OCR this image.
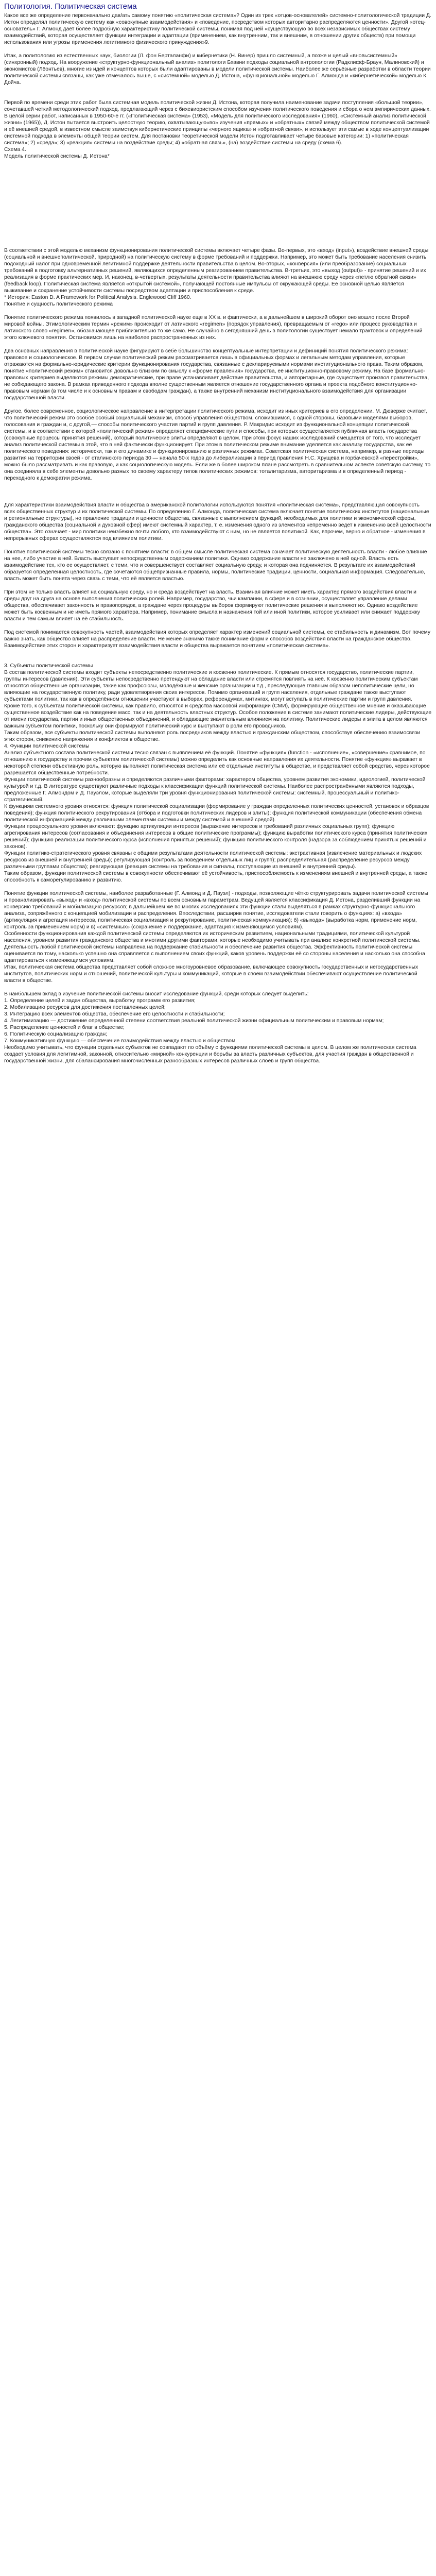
Политология. Политическая система

Какое все же определение первоначально дав/ать самому понятию «политическая система»? Один из трех «отцов-основателей» системно-политологической традиции Д. Истон определял политическую систему как «совокупные взаимодействия» и «поведение, посредством которых авторитарно распределяются ценности». Другой «отец-основатель» Г. Алмонд дает более подробную характеристику политической системы, понимая под ней «существующую во всех независимых обществах систему взаимодействий, которая осуществляет функции интеграции и адаптации (применением, как внутренним, так и внешним, в отношении других обществ) при помощи использования или угрозы применения легитимного физического принуждения»9.

Итак, а политологию из естественных наук, биологии (Л. фон Берталанфи) и кибернетики (Н. Винер) пришло системный, а позже и целый «вновьсистемный» (синхронный) подход. На вооружение «структурно-функциональный анализ» политологи Бхавни подходы социальной антропологии (Радклифф-Браун, Малиновский) и экономистов (Лёонтьев), многие из идей и концептов которых были адаптированы в модели политической системы. Наиболее же серьёзные разработки в области теории политической системы связаны, как уже отмечалось выше, с «системной» моделью Д. Истона, «функциональной» моделью Г. Алмонда и «кибернетической» моделью К. Дойча.

Первой по времени среди этих работ была системная модель политической жизни Д. Истона, которая получила наименование задачи поступления «большой теории», сочетавшей четкий методологический подход, предлагающий через с бихевиористским способом изучения политического поведения и сбора о нем эмпирических данных. В целой серии работ, написанных в 1950-60-е гг. («Политическая система» (1953), «Модель для политического исследования» (1960), «Системный анализ политической жизни» (1965)), Д. Истон пытается выстроить целостную теорию, охватывающую«во» изучения «прямых» и «обратных» связей между обществом политической системой и её внешней средой, в известном смысле заимствуя кибернетические принципы «черного ящика» и «обратной связи», и использует эти самые в ходе концептуализации системной подхода в элементы общей теории систем. Для постановки теоретической модели Истон подготавливает четыре базовые категории: 1) «политическая система»; 2) «среда»; 3) «реакция» системы на воздействие среды; 4) «обратная связь», (на) воздействие системы на среду (схема 6).

Схема 4.

Модель политической системы Д. Истона*

В соответствии с этой моделью механизм функционирования политической системы включает четыре фазы. Во-первых, это «вход» (input»), воздействие внешней среды (социальной и внешнеполитической, природной) на политическую систему в форме требований и поддержки. Например, это может быть требование населения снизить подоходный налог при одновременной легитимной поддержке деятельности правительства в целом. Во-вторых, «конверсия» (или преобразование) социальных требований в подготовку альтернативных решений, являющихся определенным реагированием правительства. В-третьих, это «выход (output)» - принятие решений и их реализация в форме практических мер. И, наконец, в-четвертых, результаты деятельности правительства влияют на внешнюю среду через «петлю обратной связи» (feedback loop). Политическая система является «открытой системой», получающей постоянные импульсы от окружающей среды. Ее основной целью является выживание и сохранение устойчивости системы посредством адаптации и приспособления к среде.

* История: Easton D. A Framework for Political Analysis. Englewood Cliff 1960.

Понятие и сущность политического режима

Понятие политического режима появилось в западной политической науке еще в XX в. и фактически, а в дальнейшем в широкий оборот оно вошло после Второй мировой войны. Этимологическим термин «режим» происходит от латинского «regimen» (порядок управления), превращаемым от «rego» или процесс руководства и латинского слово «regimen», обозначающее приблизительно то же само. Не случайно в сегодняшний день в политологии существует немало трактовок и определений этого ключевого понятия. Остановимся лишь на наиболее распространенных из них.

Два основных направления в политической науке фигурируют в себе большинство концептуальные интерпретации и дефиниций понятия политического режима: правовое и социологическое. В первом случае политический режим рассматривается лишь в официальных формах и легальным методам управления, которые отражаются на формально-юридические критерии функционирования государства, связанные с декларируемыми нормами институционального права. Таким образом, понятие «политический режим» становится довольно близким по смыслу к «форме правления» государства, её институционно-правовому режиму. На базе формально-правовых критериев выделяются режимы демократические, при праве устанавливает действие правительства, и авторитарные, где существует произвол правительства, не собюдающего закона. В рамках приведенного подхода вполне существенным является отношение государственного органа и проекта подобного конституционно-правовым нормам (в том числе и к основным правам и свободам граждан), а также внутренний механизм институционального взаимодействия для организации государственной власти.

Другое, более современное, социологическое направление в интерпретации политического режима, исходит из иных критериев в его определении. М. Дюверже считает, что политический режим это особое особый социальный механизм, способ управления обществом, сложившимся, с одной стороны, базовыми моделями выборов, голосования и граждан и, с другой,— способы политического участия партий и групп давления. Р. Макридис исходит из функциональной концепции политической системы, и в соответствии с которой «политический режим» определяет специфические пути и способы, при которых осуществляется публичная власть государства (совокупные процессы принятия решений), который политические элиты определяют в целом. При этом фокус наших исследований смещается от того, что исследует анализ политической системы в этой, что в ней фактически функционирует. При этом в политическом режиме внимание уделяется как анализу государства, как её политического поведения: исторически, так и его динамике и функционированию в различных режимах. Советская политическая система, например, в разные периоды развития на территории своей - от сталинского периода 30 — начала 50-х годов до либерализации в период правления Н.С. Хрущева и горбачевской «перестройки», можно было рассматривать и как правовую, и как социологическую модель. Если же в более широком плане рассмотреть в сравнительном аспекте советскую систему, то она соединяла в себе элементы довольно разных по своему характеру типов политических режимов: тоталитаризма, авторитаризма и в определенный период - переходного к демократии режима.

Для характеристики взаимодействия власти и общества в американской политологии используются понятия «политическая система», представляющая совокупность всех общественных структур и их политической системы. По определению Г. Алмонда, политическая система включает понятие политических институтов (национальные и региональные структуры), но правление традиции и ценности общества, связанные с выполнением функций, необходимых для политики и экономической сферы, гражданского общества (социальной и духовной сфер) имеют системный характер, т. е. изменения одного из элементов непременно ведет к изменению всей целостности общества». Это означает - мир политики неизбежно почти любого, кто взаимодействуют с ним, но не является политикой. Как, впрочем, верно и обратное - изменения в непрерывных сферах осуществляются под влиянием политики.

Понятие политической системы тесно связано с понятием власти: в общем смысле политическая система означает политическую деятельность власти - любое влияние на нее, либо участие в ней. Власть выступает непосредственным содержанием политики. Однако содержание власти не заключено в ней одной. Власть есть взаимодействие тех, кто ее осуществляет, с теми, что и совершенствует составляет социальную среду, и которая она подчиняется. В результате их взаимодействий образуется определенная целостность, где сочетаются общепризнанные правила, нормы, политические традиции, ценности, социальная информация. Следовательно, власть может быть понята через связь с теми, что её является властью.

При этом не только власть влияет на социальную среду, но и среда воздействует на власть. Взаимная влияние может иметь характер прямого воздействия власти и среды друг на друга на основе выполнения политических ролей. Например, государство, чьи кампании, в сфере и в сознании, осуществляет управление делами общества, обеспечивает законность и правопорядок, а граждане через процедуры выборов формируют политические решения и выполняют их. Однако воздействие может быть косвенным и не иметь прямого характера. Например, понимание смысла и назначения той или иной политики, которое усиливает или снижает поддержку власти и тем самым влияет на её стабильность.

Под системой понимается совокупность частей, взаимодействия которых определяет характер изменений социальной системы, ее стабильность и динамизм. Вот почему важно знать, как общество влияет на распределение власти. Не менее значимо также понимание форм и способов воздействия власти на гражданское общество. Взаимодействие этих сторон и характеризует взаимодействия власти и общества выражается понятием «политическая система».

3. Субъекты политической системы

В состав политической системы входит субъекты непосредственно политические и косвенно политические. К прямым относятся государство, политические партии, группы интересов (давления). Эти субъекты непосредственно претендуют на обладание власти или стремятся повлиять на неё. К косвенно политическим субъектам относятся общественные организации, такие как профсоюзы, молодёжные и женские организации и т.д., преследующие главным образом неполитические цели, но влияющие на государственную политику, ради удовлетворения своих интересов. Помимо организаций и групп населения, отдельные граждане также выступают субъектами политики, так как в определённом отношении участвуют в выборах, референдумах, митингах, могут вступать в политические партии и групп давления.

Кроме того, к субъектам политической системы, как правило, относятся и средства массовой информации (СМИ), формирующие общественное мнение и оказывающие существенное воздействие как на поведение масс, так и на деятельность властных структур. Особое положение в системе занимают политические лидеры, действующие от имени государства, партии и иных общественных объединений, и обладающие значительным влиянием на политику. Политические лидеры и элита в целом являются важным субъектом политики, поскольку они формируют политический курс и выступают в роли его проводников.

Таким образом, все субъекты политической системы выполняют роль посредников между властью и гражданским обществом, способствуя обеспечению взаимосвязи этих сторон, снижению напряжения и конфликтов в обществе.

4. Функции политической системы

Анализ субъектного состава политической системы тесно связан с выявлением её функций. Понятие «функция» (function - «исполнение», «совершение» сравнимое, по отношению к государству и прочим субъектам политической системы) можно определить как основные направления их деятельности. Понятие «функция» выражает в некоторой степени объективную роль, которую выполняет политическая система или её отдельные институты в обществе, и представляет собой средство, через которое разрешается общественные потребности.

Функции политической системы разнообразны и определяются различными факторами: характером общества, уровнем развития экономики, идеологией, политической культурой и т.д. В литературе существуют различные подходы к классификации функций политической системы. Наиболее распространёнными являются подходы, предложенные Г. Алмондом и Д. Пауэлом, которые выделяли три уровня функционирования политической системы: системный, процессуальный и политико-стратегический.

К функциям системного уровня относятся: функция политической социализации (формирование у граждан определенных политических ценностей, установок и образцов поведения); функция политического рекрутирования (отбора и подготовки политических лидеров и элиты); функция политической коммуникации (обеспечения обмена политической информацией между различными элементами системы и между системой и внешней средой).

Функции процессуального уровня включают: функцию артикуляции интересов (выражение интересов и требований различных социальных групп); функцию агрегирования интересов (согласования и объединения интересов в общие политические программы); функцию выработки политического курса (принятия политических решений); функцию реализации политического курса (исполнения принятых решений); функцию политического контроля (надзора за соблюдением принятых решений и законов).

Функции политико-стратегического уровня связаны с общими результатами деятельности политической системы: экстрактивная (извлечение материальных и людских ресурсов из внешней и внутренней среды); регулирующая (контроль за поведением отдельных лиц и групп); распределительная (распределение ресурсов между различными группами общества); реагирующая (реакция системы на требования и сигналы, поступающие из внешней и внутренней среды).

Таким образом, функции политической системы в совокупности обеспечивают её устойчивость, приспособляемость к изменениям внешней и внутренней среды, а также способность к саморегулированию и развитию.

Понятие функции политической системы, наиболее разработанные (Г. Алмонд и Д. Пауэл) - подходы, позволяющие чётко структурировать задачи политической системы и проанализировать «выход» и «вход» политической системы по всем основным параметрам. Ведущей является классификация Д. Истона, разделивший функции на конверсию требований и мобилизацию ресурсов; в дальнейшем же во многих исследованиях эти функции стали выделяться в рамках структурно-функционального анализа, сопряжённого с концепцией мобилизации и распределения. Впоследствии, расширив понятие, исследователи стали говорить о функциях: а) «входа» (артикуляция и агрегация интересов, политическая социализация и рекрутирование, политическая коммуникация); б) «выхода» (выработка норм, применение норм, контроль за применением норм) и в) «системных» (сохранение и поддержание, адаптация к изменяющимся условиям).

Особенности функционирования каждой политической системы определяются их историческим развитием, национальными традициями, политической культурой населения, уровнем развития гражданского общества и многими другими факторами, которые необходимо учитывать при анализе конкретной политической системы.

Деятельность любой политической системы направлена на поддержание стабильности и обеспечение развития общества. Эффективность политической системы оценивается по тому, насколько успешно она справляется с выполнением своих функций, каков уровень поддержки её со стороны населения и насколько она способна адаптироваться к изменяющимся условиям.

Итак, политическая система общества представляет собой сложное многоуровневое образование, включающее совокупность государственных и негосударственных институтов, политических норм и отношений, политической культуры и коммуникаций, которые в своем взаимодействии обеспечивают осуществление политической власти в обществе.

В наибольшем вклад в изучение политической системы вносит исследование функций, среди которых следует выделить:

1. Определение целей и задач общества, выработку программ его развития;

2. Мобилизацию ресурсов для достижения поставленных целей;

3. Интеграцию всех элементов общества, обеспечение его целостности и стабильности;

4. Легитимизацию — достижение определенной степени соответствия реальной политической жизни официальным политическим и правовым нормам;

5. Распределение ценностей и благ в обществе;

6. Политическую социализацию граждан;

7. Коммуникативную функцию — обеспечение взаимодействия между властью и обществом.

Необходимо учитывать, что функции отдельных субъектов не совпадают по объёму с функциями политической системы в целом. В целом же политическая система создает условия для легитимной, законной, относительно «мирной» конкуренции и борьбы за власть различных субъектов, для участия граждан в общественной и государственной жизни, для сбалансирования многочисленных разнообразных интересов различных слоёв и групп общества.
